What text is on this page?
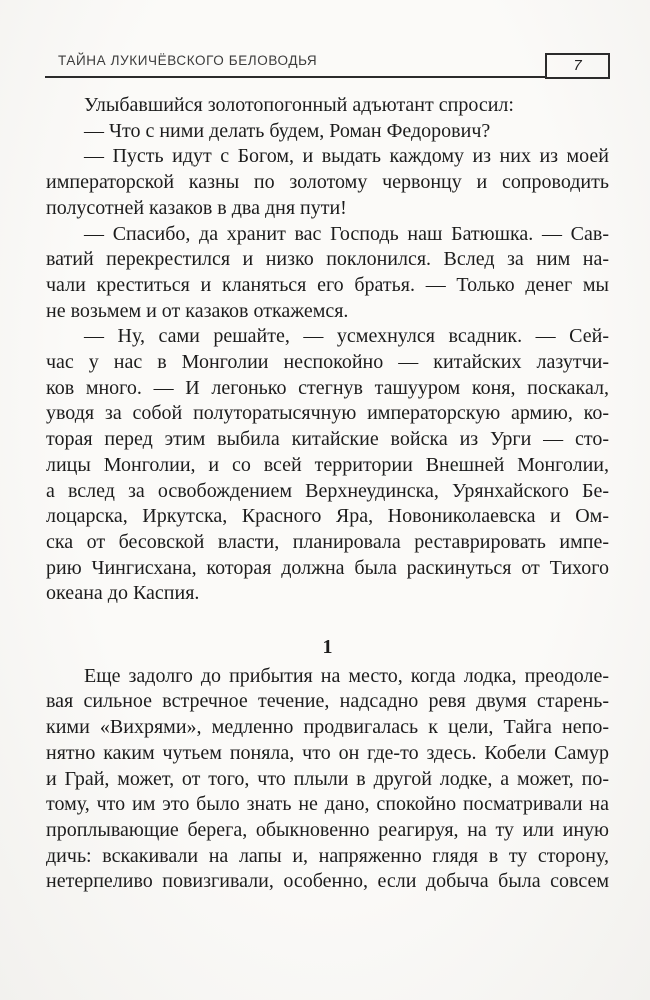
ТАЙНА ЛУКИЧЁВСКОГО БЕЛОВОДЬЯ	7
Улыбавшийся золотопогонный адъютант спросил:
— Что с ними делать будем, Роман Федорович?
— Пусть идут с Богом, и выдать каждому из них из моей
императорской казны по золотому червонцу и сопроводить
полусотней казаков в два дня пути!
— Спасибо, да хранит вас Господь наш Батюшка. — Сав-
ватий перекрестился и низко поклонился. Вслед за ним на-
чали креститься и кланяться его братья. — Только денег мы
не возьмем и от казаков откажемся.
— Ну, сами решайте, — усмехнулся всадник. — Сей-
час у нас в Монголии неспокойно — китайских лазутчи-
ков много. — И легонько стегнув ташууром коня, поскакал,
уводя за собой полуторатысячную императорскую армию, ко-
торая перед этим выбила китайские войска из Урги — сто-
лицы Монголии, и со всей территории Внешней Монголии,
а вслед за освобождением Верхнеудинска, Урянхайского Бе-
лоцарска, Иркутска, Красного Яра, Новониколаевска и Ом-
ска от бесовской власти, планировала реставрировать импе-
рию Чингисхана, которая должна была раскинуться от Тихого
океана до Каспия.
1
Еще задолго до прибытия на место, когда лодка, преодоле-
вая сильное встречное течение, надсадно ревя двумя старень-
кими «Вихрями», медленно продвигалась к цели, Тайга непо-
нятно каким чутьем поняла, что он где-то здесь. Кобели Самур
и Грай, может, от того, что плыли в другой лодке, а может, по-
тому, что им это было знать не дано, спокойно посматривали на
проплывающие берега, обыкновенно реагируя, на ту или иную
дичь: вскакивали на лапы и, напряженно глядя в ту сторону,
нетерпеливо повизгивали, особенно, если добыча была совсем
